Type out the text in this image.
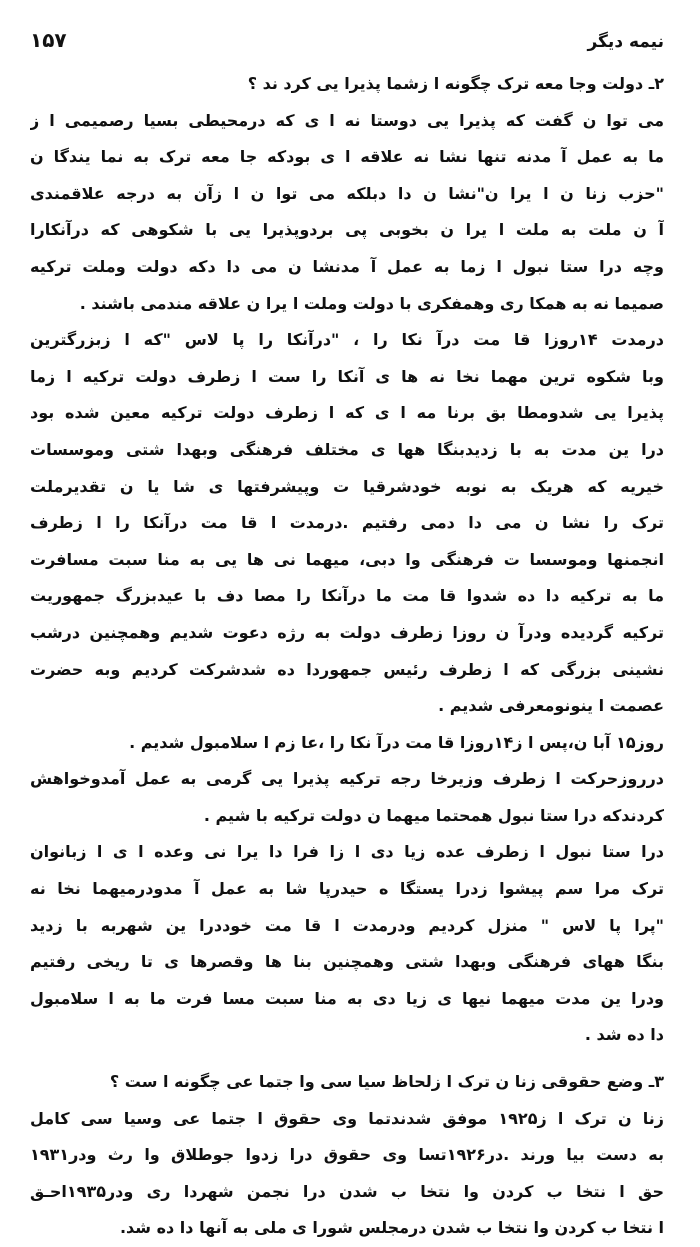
نیمه دیگر
۱۵۷
۲ـ دولت وجا معه ترک چگونه ا زشما پذیرا یی کرد ند ؟
می توا ن گفت که پذیرا یی دوستا نه ا ی که درمحیطی بسیا رصمیمی ا ز
ما به عمل آ مدنه تنها نشا نه علاقه ا ی بودکه جا معه ترک به نما یندگا ن
"حزب زنا ن ا یرا ن"نشا ن دا دبلکه می توا ن ا زآن به درجه علاقمندی
آ ن ملت به ملت ا یرا ن بخوبی پی بردوپذیرا یی با شکوهی که درآنکارا
وچه درا ستا نبول ا زما به عمل آ مدنشا ن می دا دکه دولت وملت ترکیه
صمیما نه به همکا ری وهمفکری با دولت وملت ا یرا ن علاقه مندمی باشند .
درمدت ۱۴روزا قا مت درآ نکا را ، "درآنکا را پا لاس "که ا زبزرگترین
وبا شکوه ترین مهما نخا نه ها ی آنکا را ست ا زطرف دولت ترکیه ا زما
پذیرا یی شدومطا بق برنا مه ا ی که ا زطرف دولت ترکیه معین شده بود
درا ین مدت به با زدیدبنگا هها ی مختلف فرهنگی وبهدا شتی وموسسات
خیریه که هریک به نوبه خودشرقیا ت وپیشرفتها ی شا یا ن تقدیرملت
ترک را نشا ن می دا دمی رفتیم .درمدت ا قا مت درآنکا را ا زطرف
انجمنها وموسسا ت فرهنگی وا دبی، میهما نی ها یی به منا سبت مسافرت
ما به ترکیه دا ده شدوا قا مت ما درآنکا را مصا دف با عیدبزرگ جمهوریت
ترکیه گردیده ودرآ ن روزا زطرف دولت به رژه دعوت شدیم وهمچنین درشب
نشینی بزرگی که ا زطرف رئیس جمهوردا ده شدشرکت کردیم وبه حضرت
عصمت ا ینونومعرفی شدیم .
روز۱۵ آبا ن،پس ا ز۱۴روزا قا مت درآ نکا را ،عا زم ا سلامبول شدیم .
درروزحرکت ا زطرف وزیرخا رجه ترکیه پذیرا یی گرمی به عمل آمدوخواهش
کردندکه درا ستا نبول همحتما میهما ن دولت ترکیه با شیم .
درا ستا نبول ا زطرف عده زیا دی ا زا فرا دا یرا نی وعده ا ی ا زبانوان
ترک مرا سم پیشوا زدرا یستگا ه حیدرپا شا به عمل آ مدودرمیهما نخا نه
"پرا پا لاس " منزل کردیم ودرمدت ا قا مت خوددرا ین شهربه با زدید
بنگا ههای فرهنگی وبهدا شتی وهمچنین بنا ها وقصرها ی تا ریخی رفتیم
ودرا ین مدت میهما نیها ی زیا دی به منا سبت مسا فرت ما به ا سلامبول
دا ده شد .
۳ـ وضع حقوقی زنا ن ترک ا زلحاظ سیا سی وا جتما عی چگونه ا ست ؟
زنا ن ترک ا ز۱۹۲۵ موفق شدندتما وی حقوق ا جتما عی وسیا سی کامل
به دست بیا ورند .در۱۹۲۶تسا وی حقوق درا زدوا جوطلاق وا رث ودر۱۹۳۱
حق ا نتخا ب کردن وا نتخا ب شدن درا نجمن شهردا ری ودر۱۹۳۵احـق
ا نتخا ب کردن وا نتخا ب شدن درمجلس شورا ی ملی به آنها دا ده شد.
